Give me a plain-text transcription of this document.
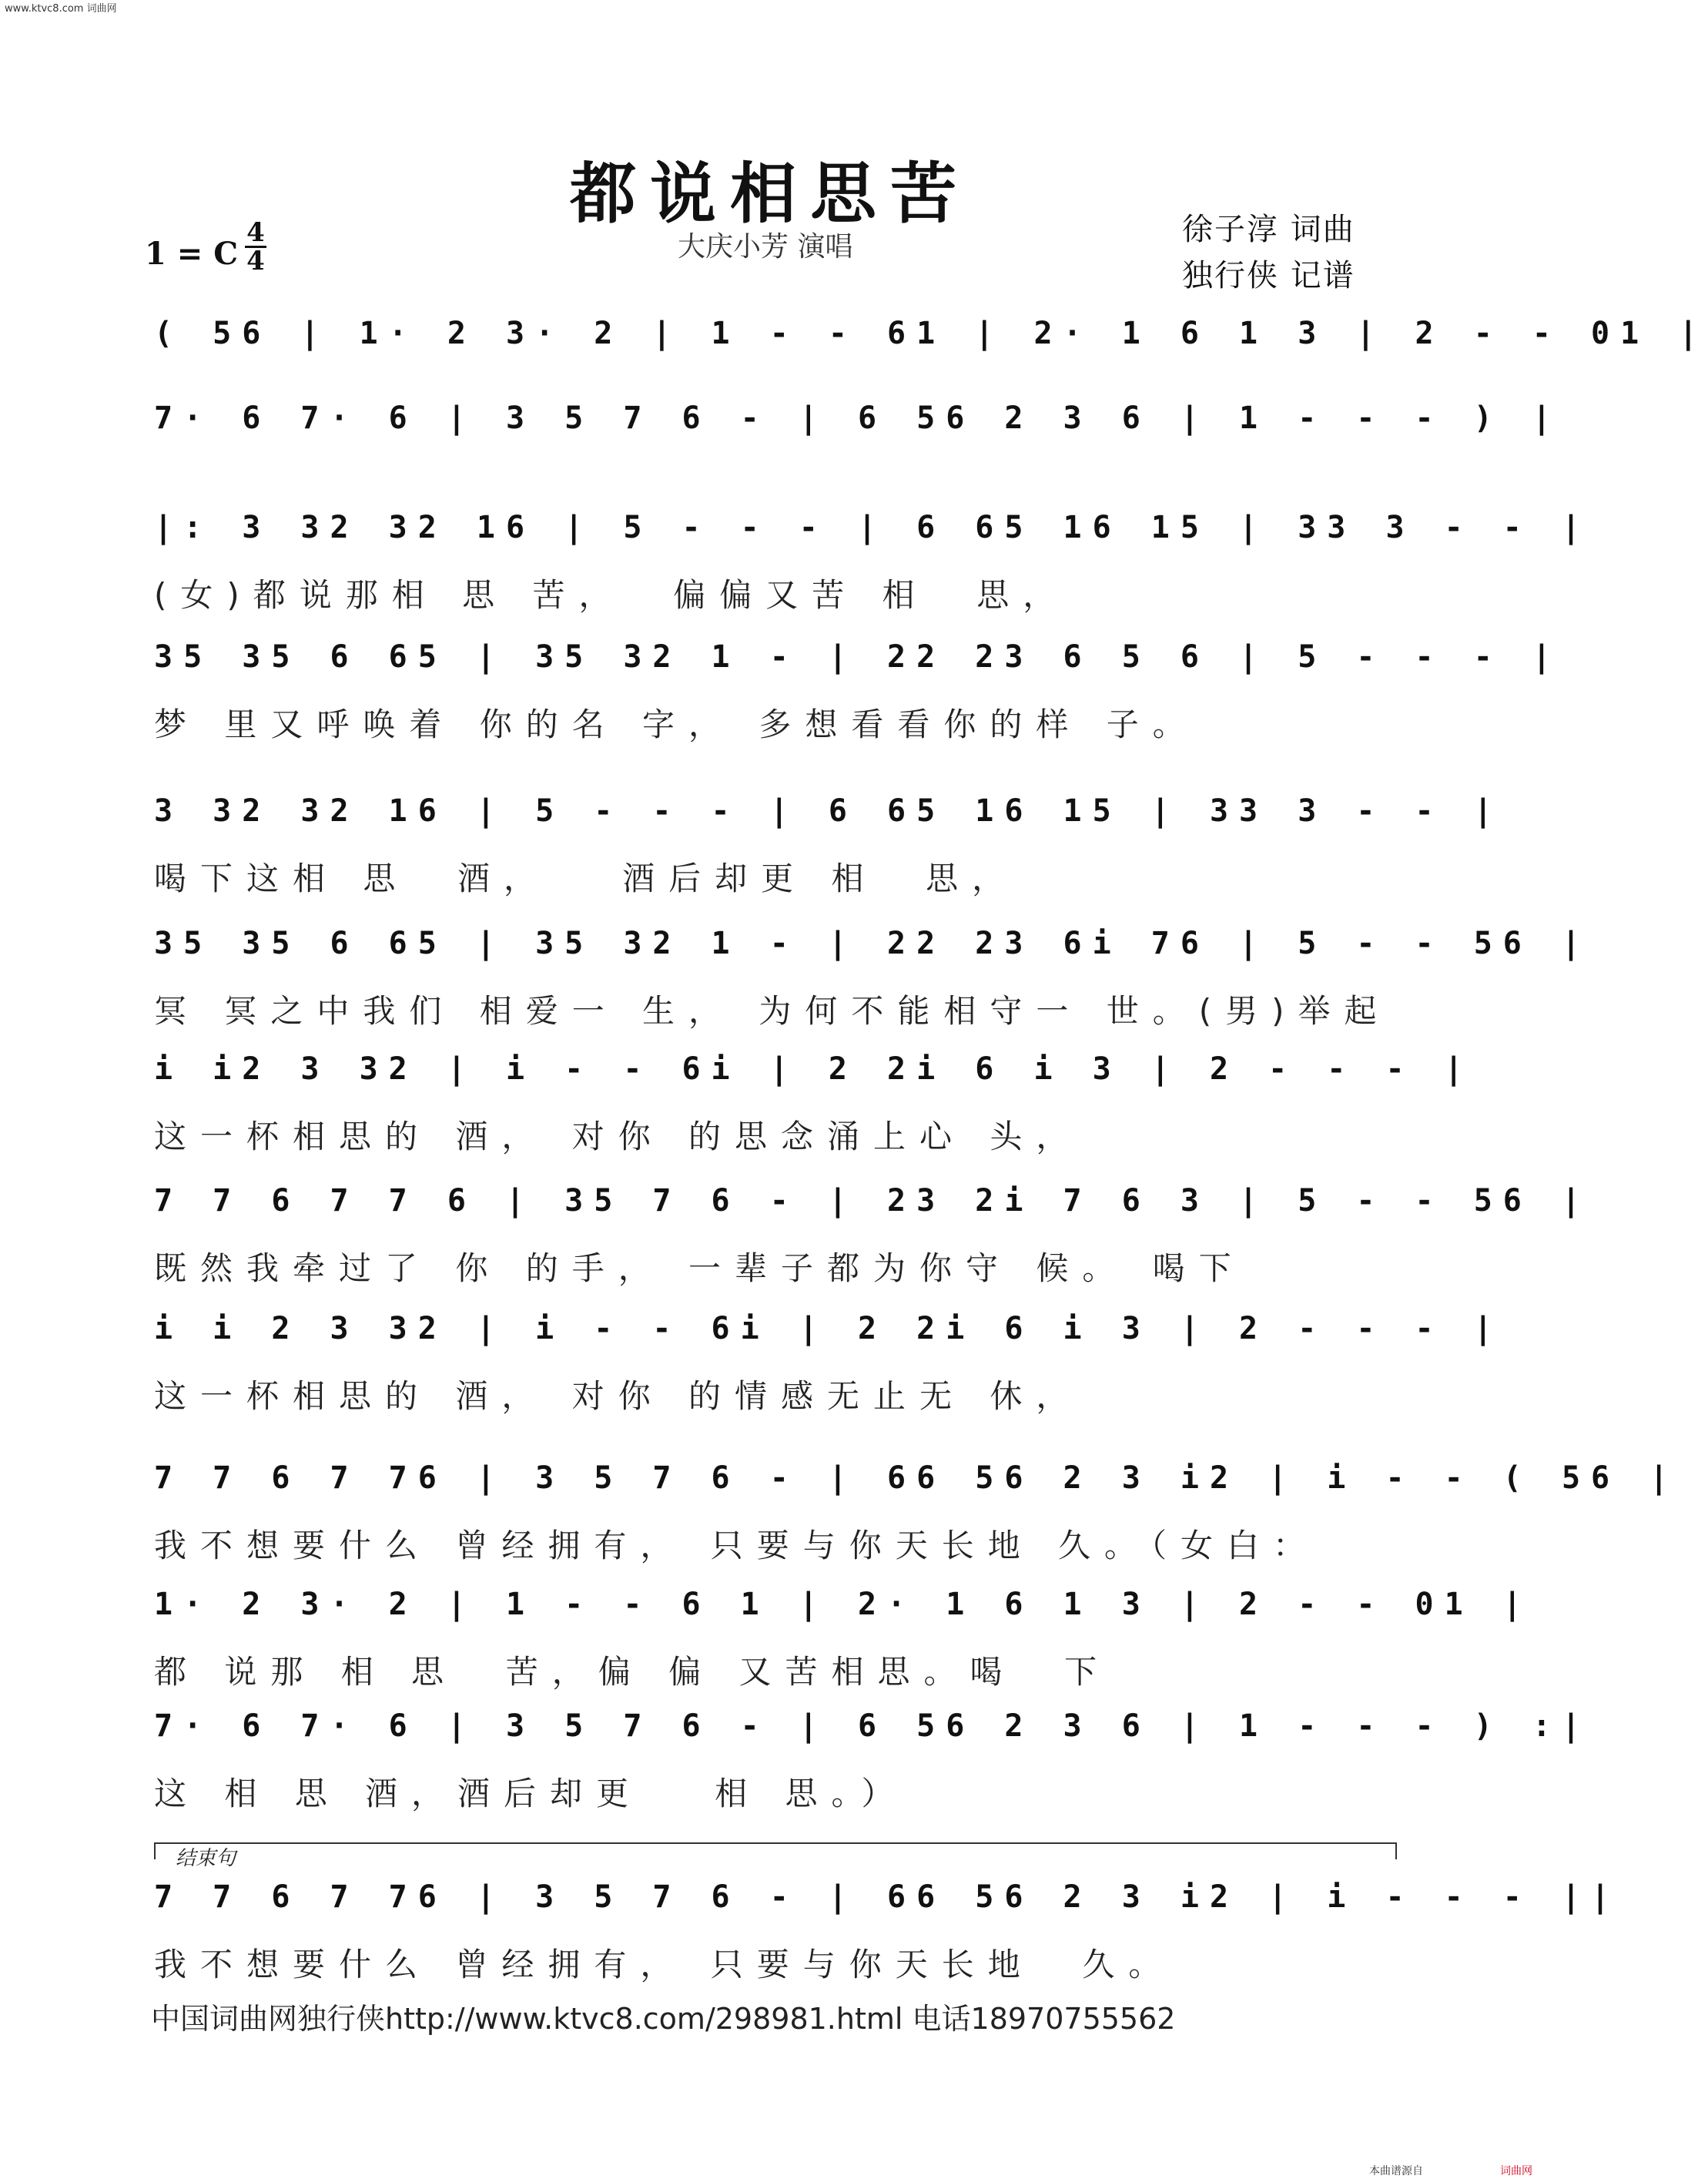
www.ktvc8.com 词曲网
都说相思苦
大庆小芳 演唱	徐子淳 词曲
独行侠 记谱
1 = C
4
4
( 56 | 1· 2 3· 2 | 1 - - 61 | 2· 1 6 1 3 | 2 - - 01 |
7· 6 7· 6 | 3 5 7 6 - | 6 56 2 3 6 | 1 - - - ) |
|: 3 32 32 16 | 5 - - - | 6 65 16 15 | 33 3 - - |
(女)都说那相 思 苦，  偏偏又苦 相  思，
35 35 6 65 | 35 32 1 - | 22 23 6 5 6 | 5 - - - |
梦 里又呼唤着 你的名 字， 多想看看你的样 子。
3 32 32 16 | 5 - - - | 6 65 16 15 | 33 3 - - |
喝下这相 思  酒，   酒后却更 相  思，
35 35 6 65 | 35 32 1 - | 22 23 6i 76 | 5 - - 56 |
冥 冥之中我们 相爱一 生， 为何不能相守一 世。(男)举起
i i2 3 32 | i - - 6i | 2 2i 6 i 3 | 2 - - - |
这一杯相思的 酒， 对你 的思念涌上心 头，
7 7 6 7 7 6 | 35 7 6 - | 23 2i 7 6 3 | 5 - - 56 |
既然我牵过了 你 的手， 一辈子都为你守 候。 喝下
i i 2 3 32 | i - - 6i | 2 2i 6 i 3 | 2 - - - |
这一杯相思的 酒， 对你 的情感无止无 休，
7 7 6 7 76 | 3 5 7 6 - | 66 56 2 3 i2 | i - - ( 56 |
我不想要什么 曾经拥有， 只要与你天长地 久。（女白：
1· 2 3· 2 | 1 - - 6 1 | 2· 1 6 1 3 | 2 - - 01 |
都 说那 相 思  苦，偏 偏 又苦相思。喝  下
7· 6 7· 6 | 3 5 7 6 - | 6 56 2 3 6 | 1 - - - ) :|
这 相 思 酒，酒后却更   相 思。）
7 7 6 7 76 | 3 5 7 6 - | 66 56 2 3 i2 | i - - - ||
我不想要什么 曾经拥有， 只要与你天长地  久。
结束句
中国词曲网独行侠http://www.ktvc8.com/298981.html 电话18970755562
本曲谱源自	词曲网
